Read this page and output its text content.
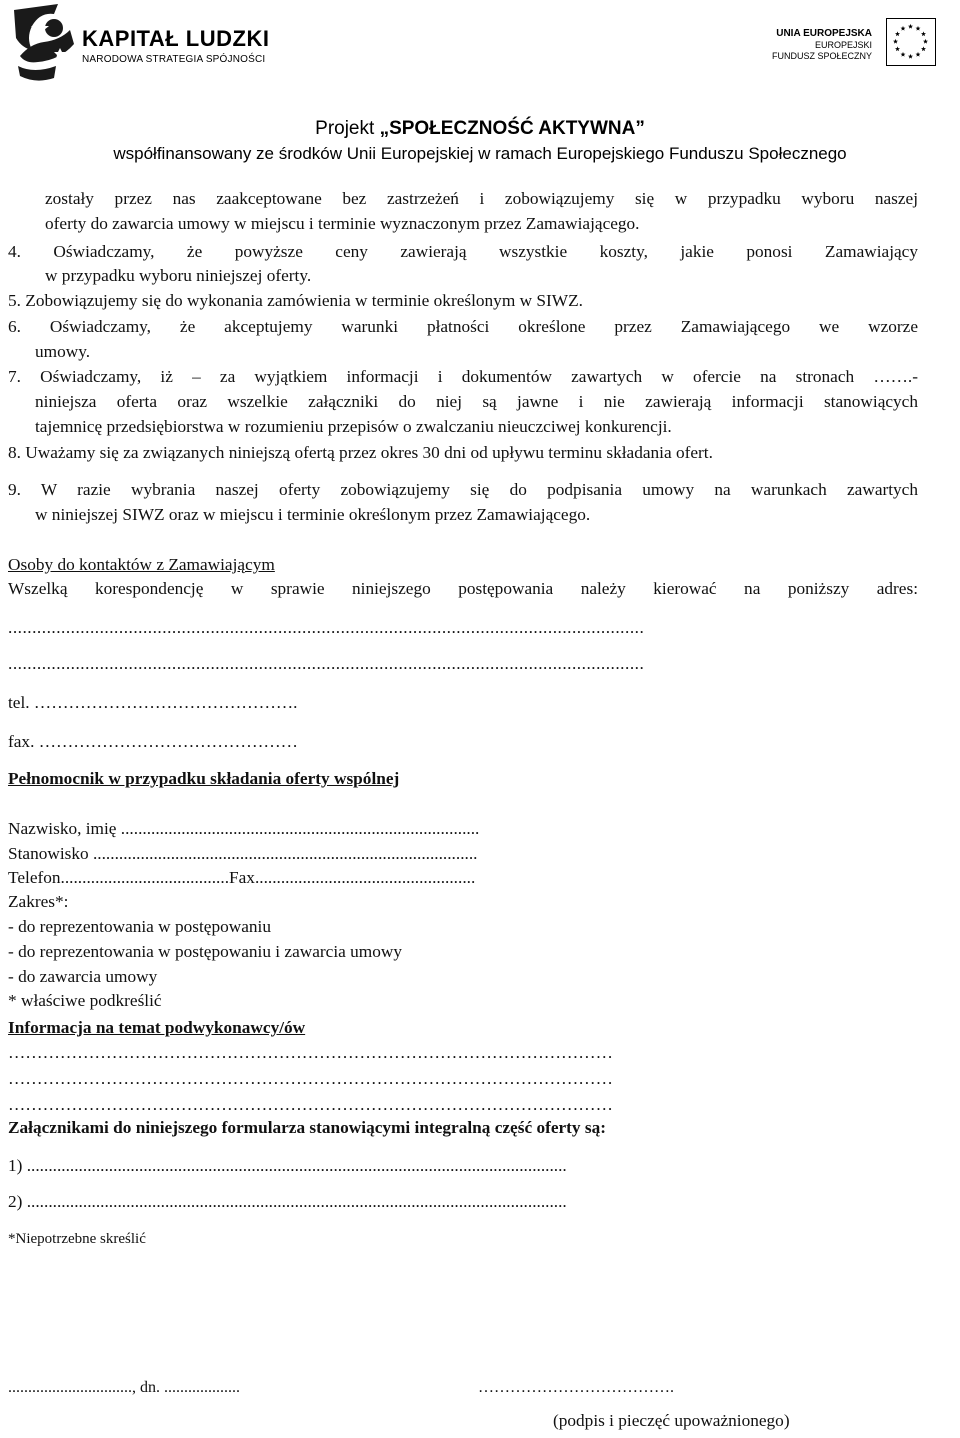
KAPITAŁ LUDZKI
NARODOWA STRATEGIA SPÓJNOŚCI
UNIA EUROPEJSKA
EUROPEJSKI
FUNDUSZ SPOŁECZNY
Projekt „SPOŁECZNOŚĆ AKTYWNA”
współfinansowany ze środków Unii Europejskiej w ramach Europejskiego Funduszu Społecznego
zostały przez nas zaakceptowane bez zastrzeżeń i zobowiązujemy się w przypadku wyboru naszej
oferty do zawarcia umowy w miejscu i terminie wyznaczonym przez Zamawiającego.
4. Oświadczamy, że powyższe ceny zawierają wszystkie koszty, jakie ponosi Zamawiający
w przypadku wyboru niniejszej oferty.
5. Zobowiązujemy się do wykonania zamówienia w terminie określonym w SIWZ.
6. Oświadczamy, że akceptujemy warunki płatności określone przez Zamawiającego we wzorze
umowy.
7. Oświadczamy, iż – za wyjątkiem informacji i dokumentów zawartych w ofercie na stronach …….-
niniejsza oferta oraz wszelkie załączniki do niej są jawne i nie zawierają informacji stanowiących
tajemnicę przedsiębiorstwa w rozumieniu przepisów o zwalczaniu nieuczciwej konkurencji.
8. Uważamy się za związanych niniejszą ofertą przez okres 30 dni od upływu terminu składania ofert.
9. W razie wybrania naszej oferty zobowiązujemy się do podpisania umowy na warunkach zawartych
w niniejszej SIWZ oraz w miejscu i terminie określonym przez Zamawiającego.
Osoby do kontaktów z Zamawiającym
Wszelką korespondencję w sprawie niniejszego postępowania należy kierować na poniższy adres:
....................................................................................................................................
....................................................................................................................................
tel. ……………………………………….
fax. ………………………………………
Pełnomocnik w przypadku składania oferty wspólnej
Nazwisko, imię ...................................................................................
Stanowisko .........................................................................................
Telefon.......................................Fax...................................................
Zakres*:
- do reprezentowania w postępowaniu
- do reprezentowania w postępowaniu i zawarcia umowy
- do zawarcia umowy
* właściwe podkreślić
Informacja na temat podwykonawcy/ów
……………………………………………………………………………………………
……………………………………………………………………………………………
……………………………………………………………………………………………
Załącznikami do niniejszego formularza stanowiącymi integralną część oferty są:
1) .............................................................................................................................
2) .............................................................................................................................
*Niepotrzebne skreślić
..............................., dn. ...................	……………………………….
(podpis i pieczęć upoważnionego)
